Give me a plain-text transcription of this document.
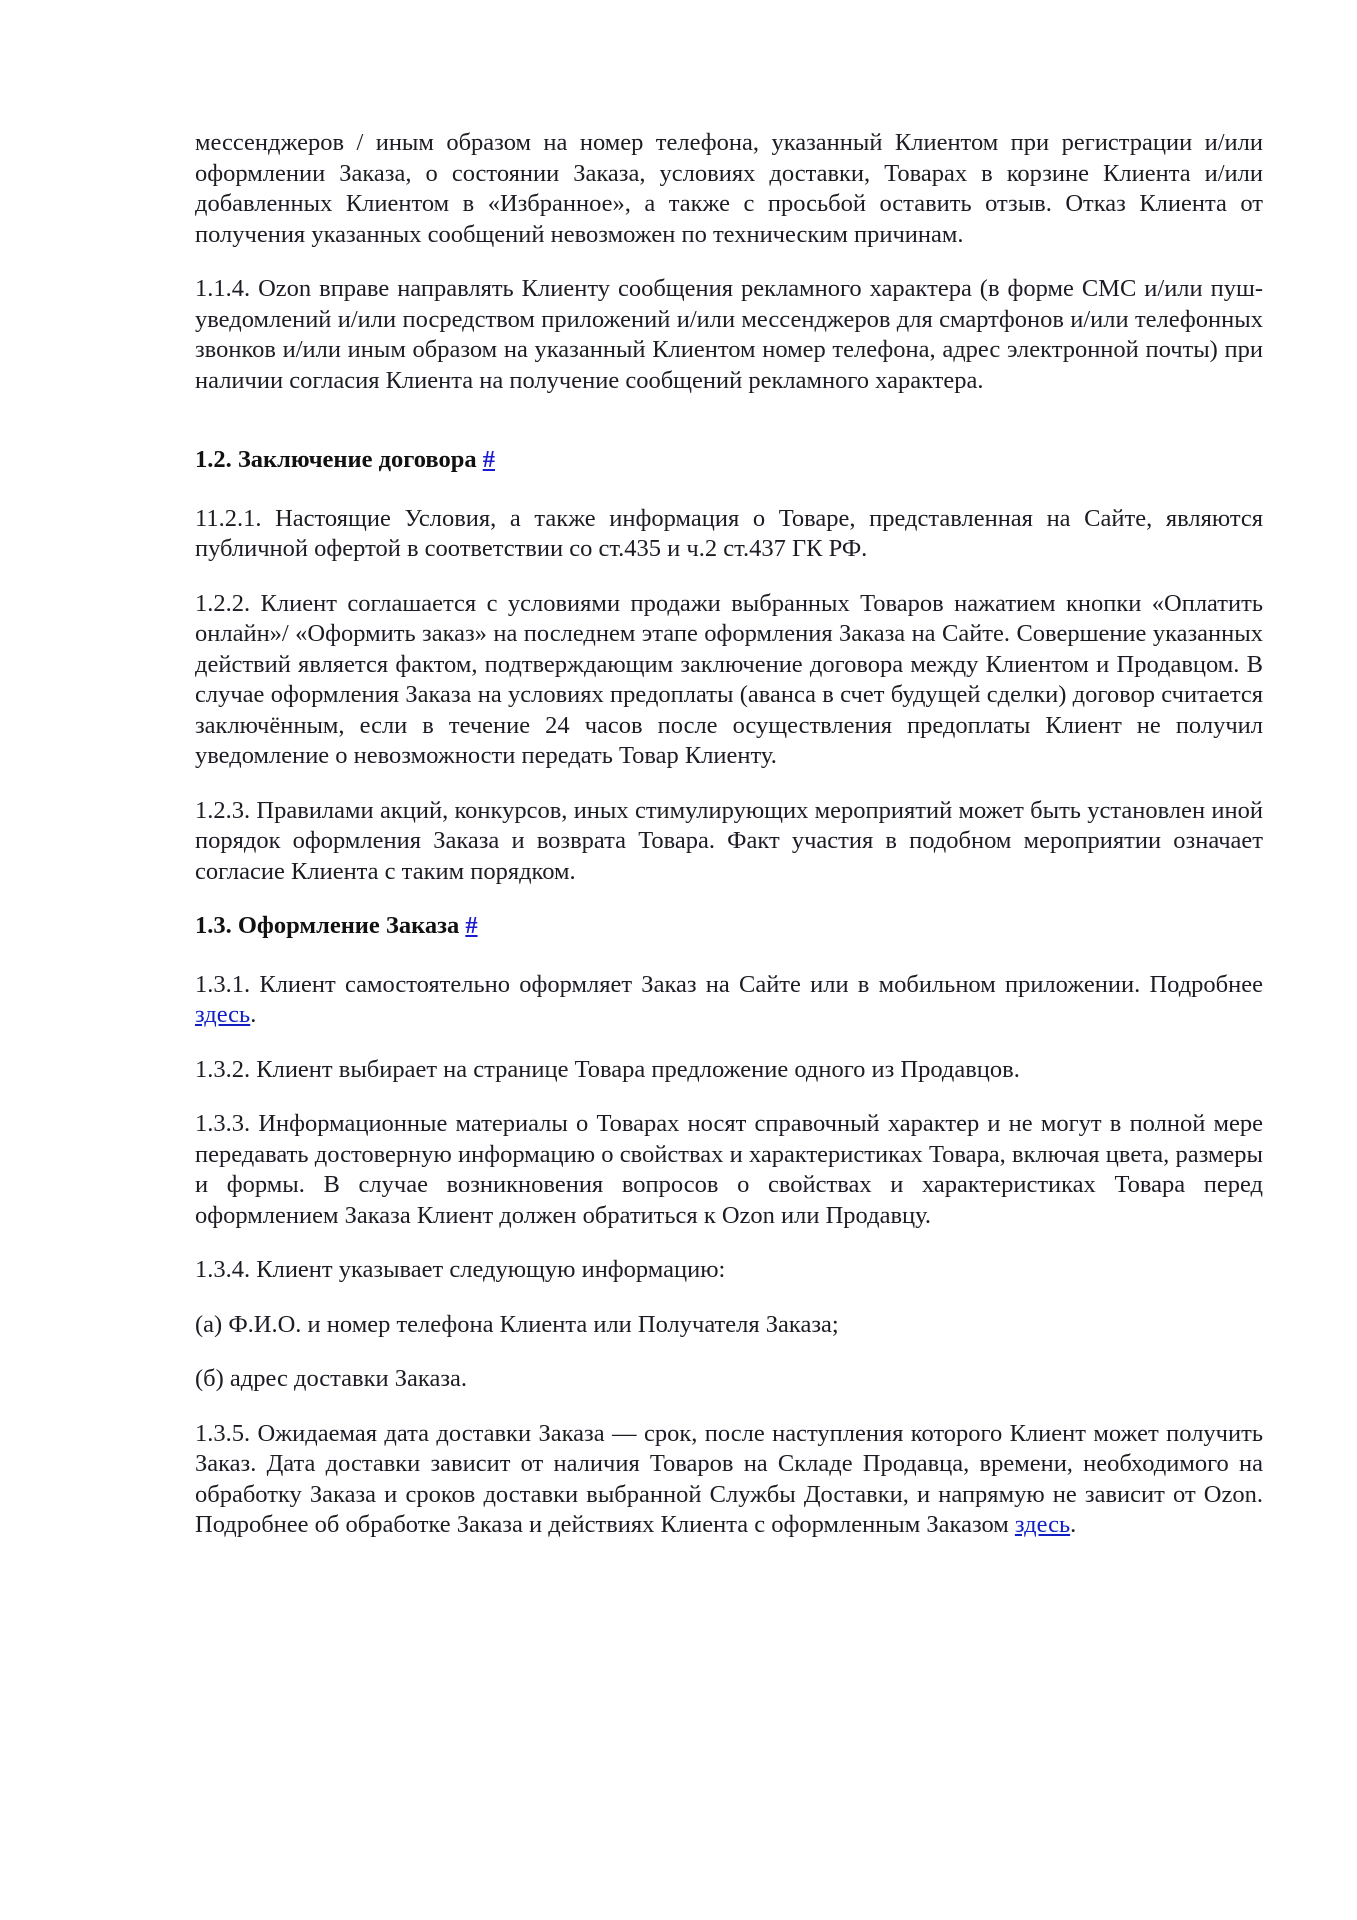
мессенджеров / иным образом на номер телефона, указанный Клиентом при регистрации и/или оформлении Заказа, о состоянии Заказа, условиях доставки, Товарах в корзине Клиента и/или добавленных Клиентом в «Избранное», а также с просьбой оставить отзыв. Отказ Клиента от получения указанных сообщений невозможен по техническим причинам.

1.1.4. Ozon вправе направлять Клиенту сообщения рекламного характера (в форме СМС и/или пуш-уведомлений и/или посредством приложений и/или мессенджеров для смартфонов и/или телефонных звонков и/или иным образом на указанный Клиентом номер телефона, адрес электронной почты) при наличии согласия Клиента на получение сообщений рекламного характера.

1.2. Заключение договора #

11.2.1. Настоящие Условия, а также информация о Товаре, представленная на Сайте, являются публичной офертой в соответствии со ст.435 и ч.2 ст.437 ГК РФ.

1.2.2. Клиент соглашается с условиями продажи выбранных Товаров нажатием кнопки «Оплатить онлайн»/ «Оформить заказ» на последнем этапе оформления Заказа на Сайте. Совершение указанных действий является фактом, подтверждающим заключение договора между Клиентом и Продавцом. В случае оформления Заказа на условиях предоплаты (аванса в счет будущей сделки) договор считается заключённым, если в течение 24 часов после осуществления предоплаты Клиент не получил уведомление о невозможности передать Товар Клиенту.

1.2.3. Правилами акций, конкурсов, иных стимулирующих мероприятий может быть установлен иной порядок оформления Заказа и возврата Товара. Факт участия в подобном мероприятии означает согласие Клиента с таким порядком.

1.3. Оформление Заказа #

1.3.1. Клиент самостоятельно оформляет Заказ на Сайте или в мобильном приложении. Подробнее здесь.

1.3.2. Клиент выбирает на странице Товара предложение одного из Продавцов.

1.3.3. Информационные материалы о Товарах носят справочный характер и не могут в полной мере передавать достоверную информацию о свойствах и характеристиках Товара, включая цвета, размеры и формы. В случае возникновения вопросов о свойствах и характеристиках Товара перед оформлением Заказа Клиент должен обратиться к Ozon или Продавцу.

1.3.4. Клиент указывает следующую информацию:

(а) Ф.И.О. и номер телефона Клиента или Получателя Заказа;

(б) адрес доставки Заказа.

1.3.5. Ожидаемая дата доставки Заказа — срок, после наступления которого Клиент может получить Заказ. Дата доставки зависит от наличия Товаров на Складе Продавца, времени, необходимого на обработку Заказа и сроков доставки выбранной Службы Доставки, и напрямую не зависит от Ozon. Подробнее об обработке Заказа и действиях Клиента с оформленным Заказом здесь.
